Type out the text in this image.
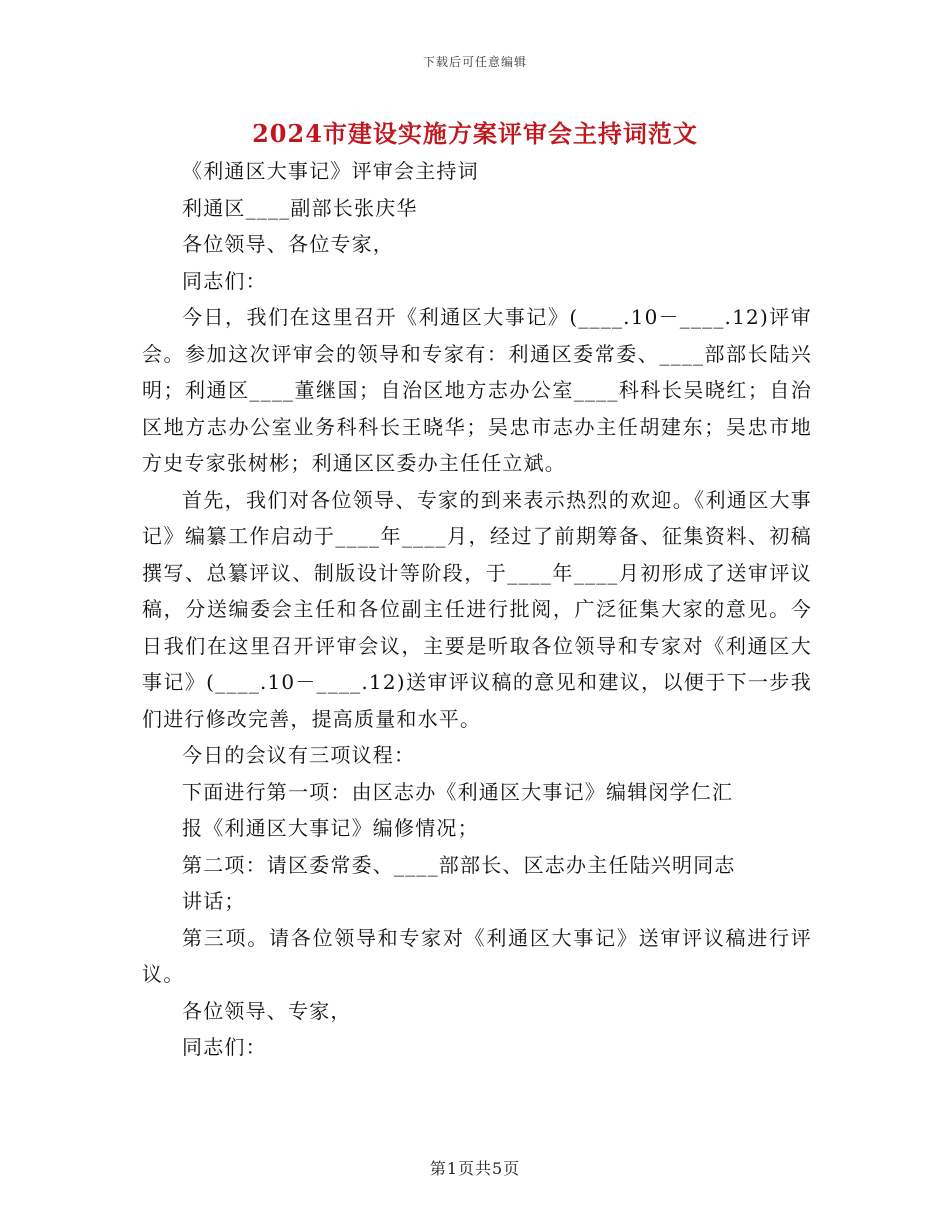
下载后可任意编辑
2024市建设实施方案评审会主持词范文

《利通区大事记》评审会主持词

利通区____副部长张庆华

各位领导、各位专家，

同志们：

今日，我们在这里召开《利通区大事记》(____.10－____.12)评审会。参加这次评审会的领导和专家有：利通区委常委、____部部长陆兴明；利通区____董继国；自治区地方志办公室____科科长吴晓红；自治区地方志办公室业务科科长王晓华；吴忠市志办主任胡建东；吴忠市地方史专家张树彬；利通区区委办主任任立斌。

首先，我们对各位领导、专家的到来表示热烈的欢迎。《利通区大事记》编纂工作启动于____年____月，经过了前期筹备、征集资料、初稿撰写、总纂评议、制版设计等阶段，于____年____月初形成了送审评议稿，分送编委会主任和各位副主任进行批阅，广泛征集大家的意见。今日我们在这里召开评审会议，主要是听取各位领导和专家对《利通区大事记》(____.10－____.12)送审评议稿的意见和建议，以便于下一步我们进行修改完善，提高质量和水平。

今日的会议有三项议程：

下面进行第一项：由区志办《利通区大事记》编辑闵学仁汇

报《利通区大事记》编修情况；

第二项：请区委常委、____部部长、区志办主任陆兴明同志

讲话；

第三项。请各位领导和专家对《利通区大事记》送审评议稿进行评议。

各位领导、专家，

同志们：

第1页共5页
